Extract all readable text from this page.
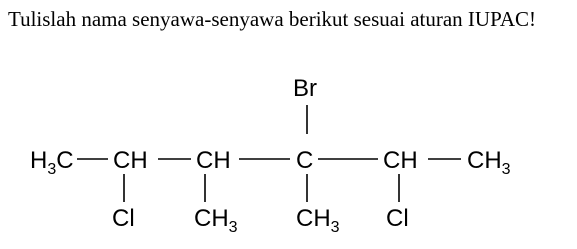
Tulislah nama senyawa-senyawa berikut sesuai aturan IUPAC!

$H_3C$ CH CH	C	CH $CH_3$
Br
Cl $CH_3$ $CH_3$ Cl
